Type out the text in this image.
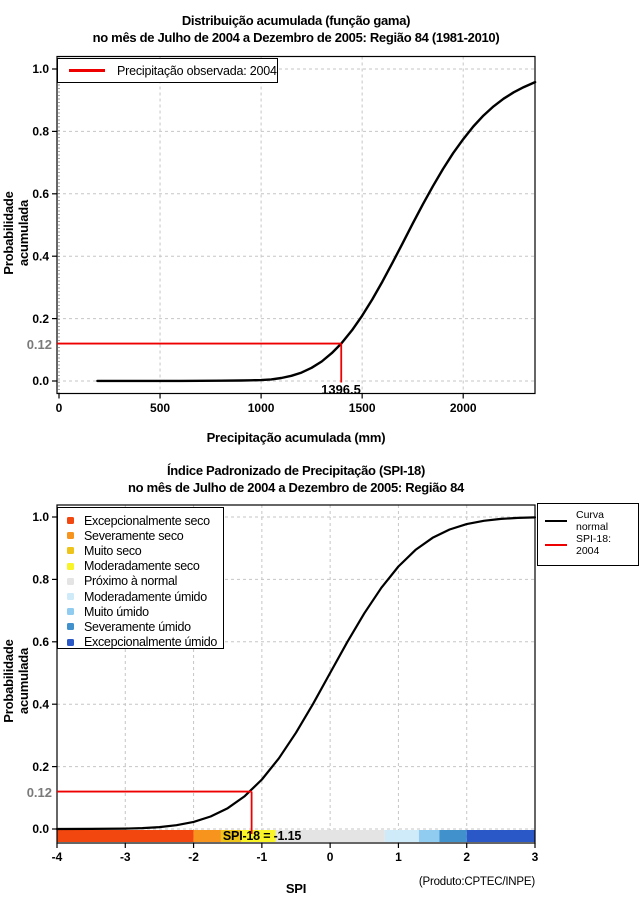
0	500	1000	1500	2000
0.0
0.2
0.4
0.6
0.8
1.0
-4	-3	-2	-1	0	1	2	3
0.0
0.2
0.4
0.6
0.8
1.0
Distribuição acumulada (função gama)
no mês de Julho de 2004 a Dezembro de 2005: Região 84 (1981-2010)
Probabilidade acumulada
Precipitação acumulada (mm)
Precipitação observada: 2004
0.12
1396.5
Índice Padronizado de Precipitação (SPI-18)
no mês de Julho de 2004 a Dezembro de 2005: Região 84
Probabilidade acumulada
SPI
Excepcionalmente seco
Severamente seco
Muito seco
Moderadamente seco
Próximo à normal
Moderadamente úmido
Muito úmido
Severamente úmido
Excepcionalmente úmido
Curva normal
SPI-18: 2004
0.12
SPI-18 = -1.15
(Produto:CPTEC/INPE)
